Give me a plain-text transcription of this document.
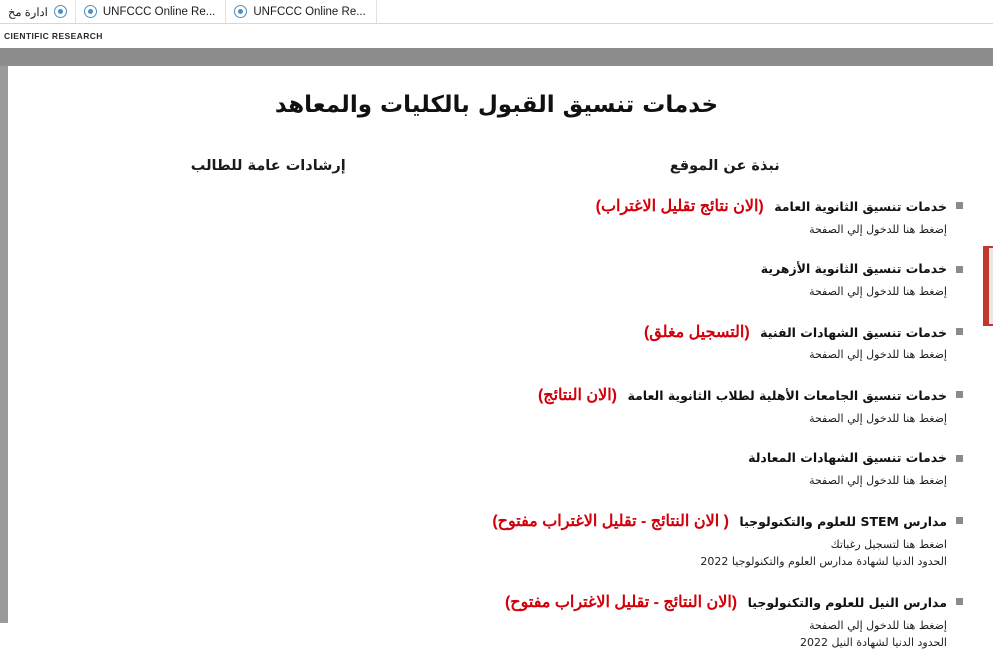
ادارة مخ	UNFCCC Online Re...	UNFCCC Online Re...
CIENTIFIC RESEARCH
خدمات تنسيق القبول بالكليات والمعاهد
نبذة عن الموقع
إرشادات عامة للطالب
خدمات تنسيق الثانوية العامة (الان نتائج تقليل الاغتراب)
إضغط هنا للدخول إلي الصفحة
خدمات تنسيق الثانوية الأزهرية
إضغط هنا للدخول إلي الصفحة
خدمات تنسيق الشهادات الفنية (التسجيل مغلق)
إضغط هنا للدخول إلي الصفحة
خدمات تنسيق الجامعات الأهلية لطلاب الثانوية العامة (الان النتائج)
إضغط هنا للدخول إلي الصفحة
خدمات تنسيق الشهادات المعادلة
إضغط هنا للدخول إلي الصفحة
مدارس STEM للعلوم والتكنولوجيا ( الان النتائج - تقليل الاغتراب مفتوح)
اضغط هنا لتسجيل رغباتك
الحدود الدنيا لشهادة مدارس العلوم والتكنولوجيا 2022
مدارس النيل للعلوم والتكنولوجيا (الان النتائج - تقليل الاغتراب مفتوح)
إضغط هنا للدخول إلي الصفحة
الحدود الدنيا لشهادة النيل 2022
